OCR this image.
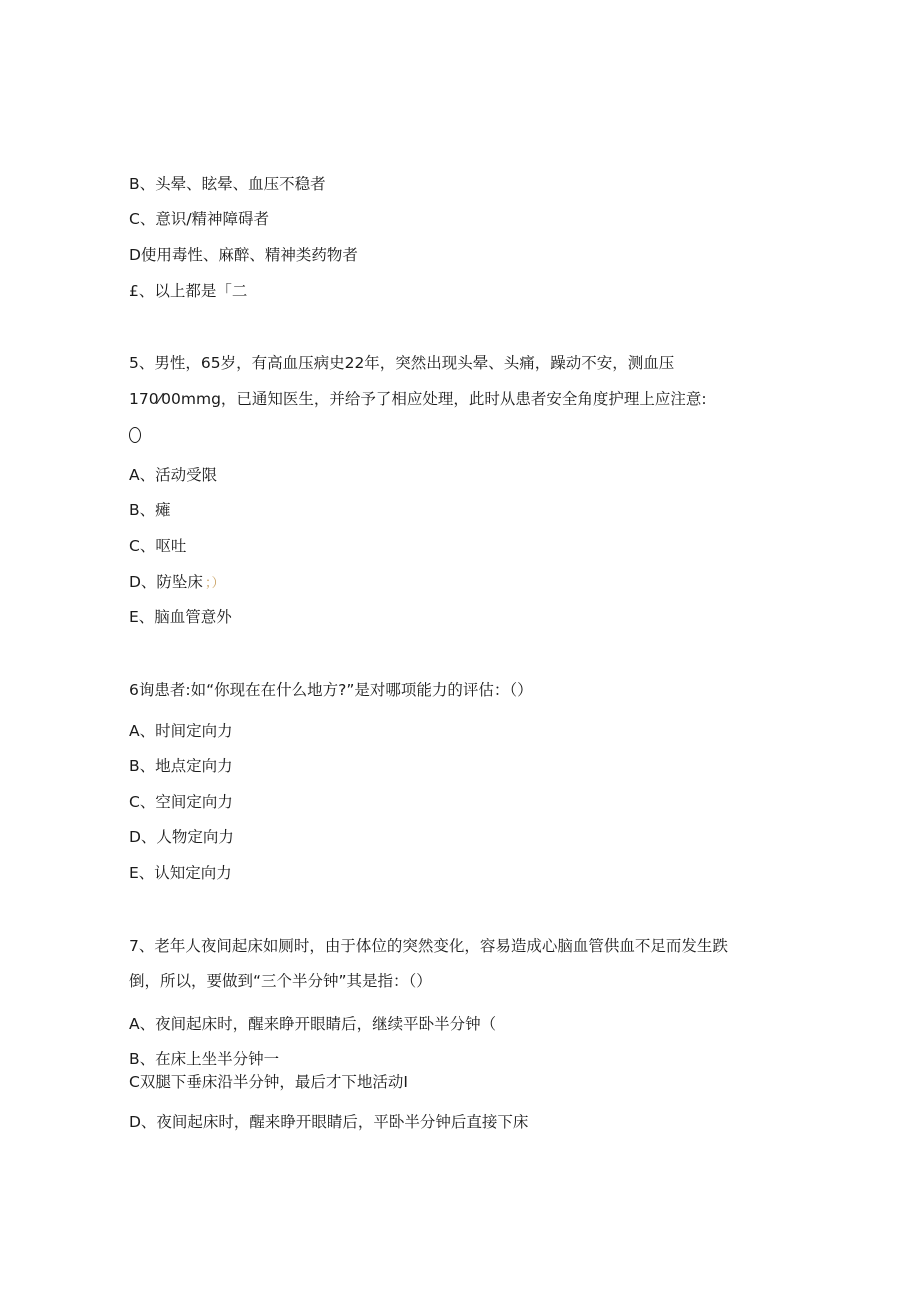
B、头晕、眩晕、血压不稳者

C、意识/精神障碍者

D使用毒性、麻醉、精神类药物者

£、以上都是「二

5、男性，65岁，有高血压病史22年，突然出现头晕、头痛，躁动不安，测血压

170⁄00mmg，已通知医生，并给予了相应处理，此时从患者安全角度护理上应注意:

A、活动受限

B、瘫

C、呕吐

D、防坠床 ；）

E、脑血管意外

6询患者:如“你现在在什么地方?”是对哪项能力的评估：（）

A、时间定向力

B、地点定向力

C、空间定向力

D、人物定向力

E、认知定向力

7、老年人夜间起床如厕时，由于体位的突然变化，容易造成心脑血管供血不足而发生跌

倒，所以，要做到“三个半分钟”其是指：（）

A、夜间起床时，醒来睁开眼睛后，继续平卧半分钟（

B、在床上坐半分钟一

C双腿下垂床沿半分钟，最后才下地活动I

D、夜间起床时，醒来睁开眼睛后，平卧半分钟后直接下床
